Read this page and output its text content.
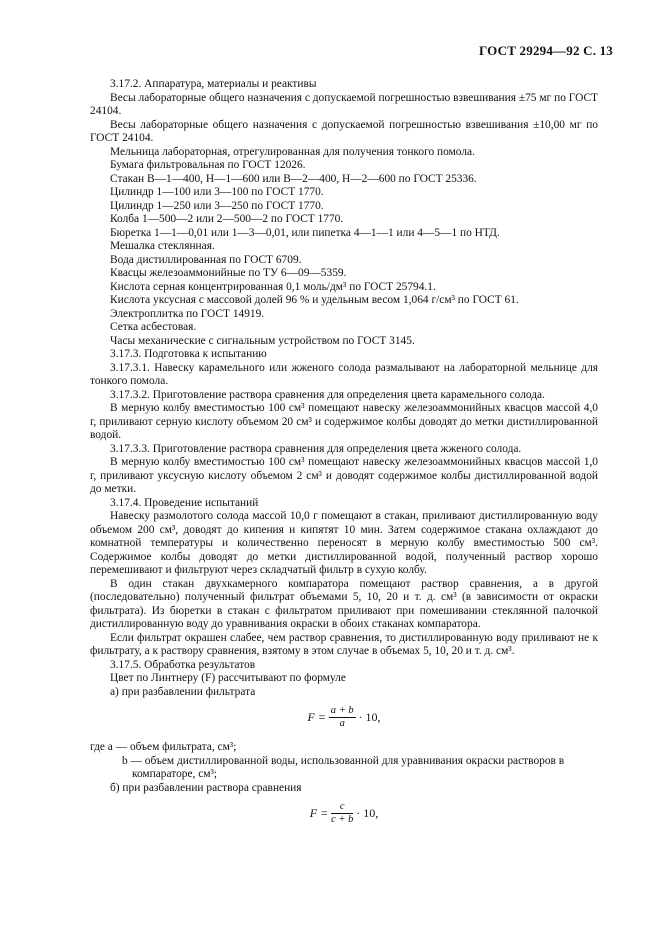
ГОСТ 29294—92 С. 13

3.17.2. Аппаратура, материалы и реактивы

Весы лабораторные общего назначения с допускаемой погрешностью взвешивания ±75 мг по ГОСТ 24104.

Весы лабораторные общего назначения с допускаемой погрешностью взвешивания ±10,00 мг по ГОСТ 24104.

Мельница лабораторная, отрегулированная для получения тонкого помола.

Бумага фильтровальная по ГОСТ 12026.

Стакан В—1—400, Н—1—600 или В—2—400, Н—2—600 по ГОСТ 25336.

Цилиндр 1—100 или 3—100 по ГОСТ 1770.

Цилиндр 1—250 или 3—250 по ГОСТ 1770.

Колба 1—500—2 или 2—500—2 по ГОСТ 1770.

Бюретка 1—1—0,01 или 1—3—0,01, или пипетка 4—1—1 или 4—5—1 по НТД.

Мешалка стеклянная.

Вода дистиллированная по ГОСТ 6709.

Квасцы железоаммонийные по ТУ 6—09—5359.

Кислота серная концентрированная 0,1 моль/дм³ по ГОСТ 25794.1.

Кислота уксусная с массовой долей 96 % и удельным весом 1,064 г/см³ по ГОСТ 61.

Электроплитка по ГОСТ 14919.

Сетка асбестовая.

Часы механические с сигнальным устройством по ГОСТ 3145.

3.17.3. Подготовка к испытанию

3.17.3.1. Навеску карамельного или жженого солода размалывают на лабораторной мельнице для тонкого помола.

3.17.3.2. Приготовление раствора сравнения для определения цвета карамельного солода.

В мерную колбу вместимостью 100 см³ помещают навеску железоаммонийных квасцов массой 4,0 г, приливают серную кислоту объемом 20 см³ и содержимое колбы доводят до метки дистиллированной водой.

3.17.3.3. Приготовление раствора сравнения для определения цвета жженого солода.

В мерную колбу вместимостью 100 см³ помещают навеску железоаммонийных квасцов массой 1,0 г, приливают уксусную кислоту объемом 2 см³ и доводят содержимое колбы дистиллированной водой до метки.

3.17.4. Проведение испытаний

Навеску размолотого солода массой 10,0 г помещают в стакан, приливают дистиллированную воду объемом 200 см³, доводят до кипения и кипятят 10 мин. Затем содержимое стакана охлаждают до комнатной температуры и количественно переносят в мерную колбу вместимостью 500 см³. Содержимое колбы доводят до метки дистиллированной водой, полученный раствор хорошо перемешивают и фильтруют через складчатый фильтр в сухую колбу.

В один стакан двухкамерного компаратора помещают раствор сравнения, а в другой (последовательно) полученный фильтрат объемами 5, 10, 20 и т. д. см³ (в зависимости от окраски фильтрата). Из бюретки в стакан с фильтратом приливают при помешивании стеклянной палочкой дистиллированную воду до уравнивания окраски в обоих стаканах компаратора.

Если фильтрат окрашен слабее, чем раствор сравнения, то дистиллированную воду приливают не к фильтрату, а к раствору сравнения, взятому в этом случае в объемах 5, 10, 20 и т. д. см³.

3.17.5. Обработка результатов

Цвет по Линтнеру (F) рассчитывают по формуле

а) при разбавлении фильтрата

$F = \frac{a + b}{a} \cdot 10$,

где a — объем фильтрата, см³;

b — объем дистиллированной воды, использованной для уравнивания окраски растворов в компараторе, см³;

б) при разбавлении раствора сравнения

$F = \frac{c}{c + b} \cdot 10$,
